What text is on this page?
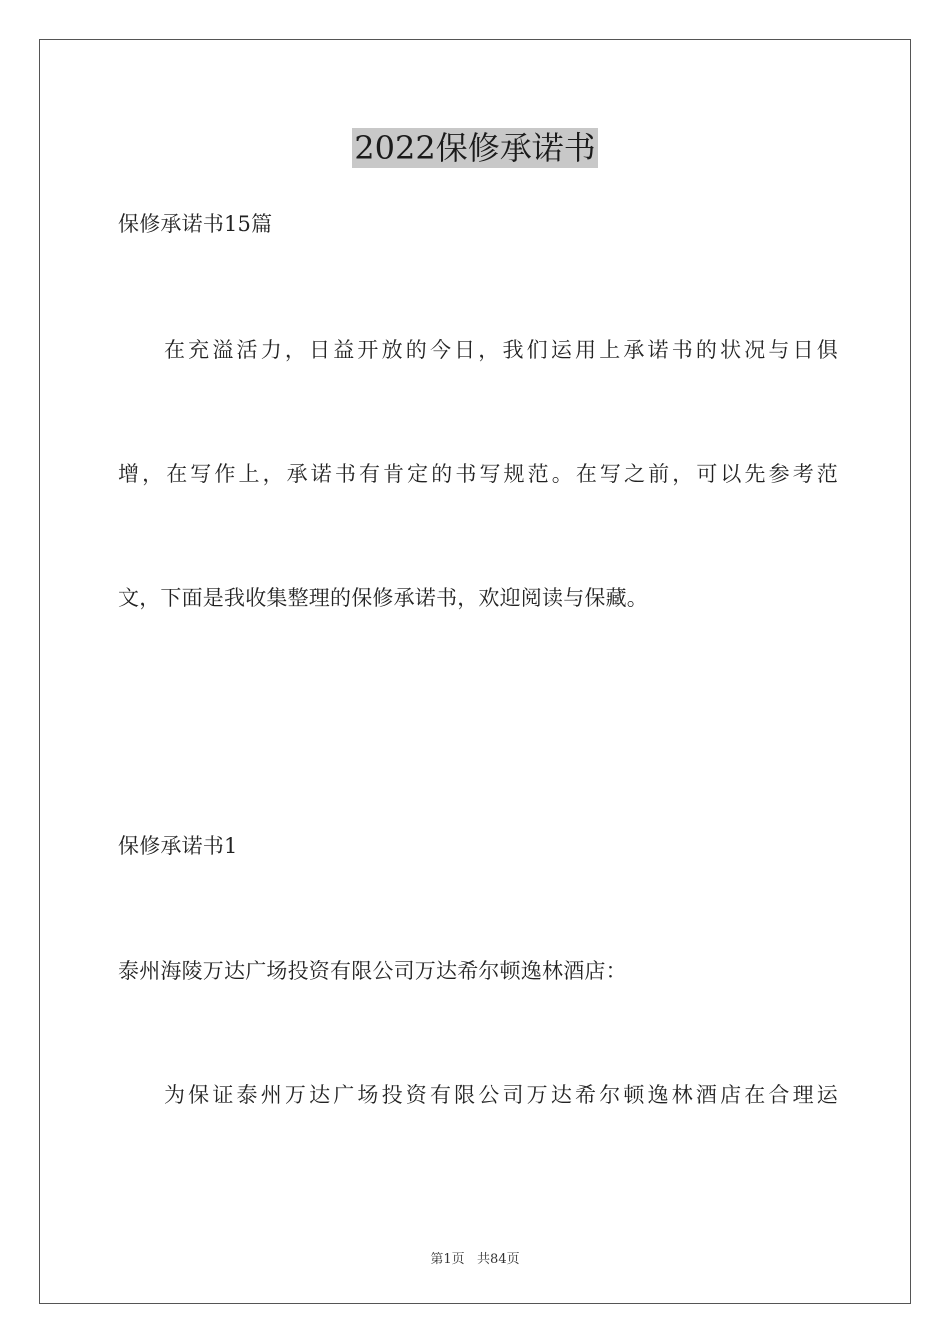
2022保修承诺书
保修承诺书15篇
在充溢活力，日益开放的今日，我们运用上承诺书的状况与日俱
增，在写作上，承诺书有肯定的书写规范。在写之前，可以先参考范
文，下面是我收集整理的保修承诺书，欢迎阅读与保藏。
保修承诺书1
泰州海陵万达广场投资有限公司万达希尔顿逸林酒店：
为保证泰州万达广场投资有限公司万达希尔顿逸林酒店在合理运
第1页   共84页
